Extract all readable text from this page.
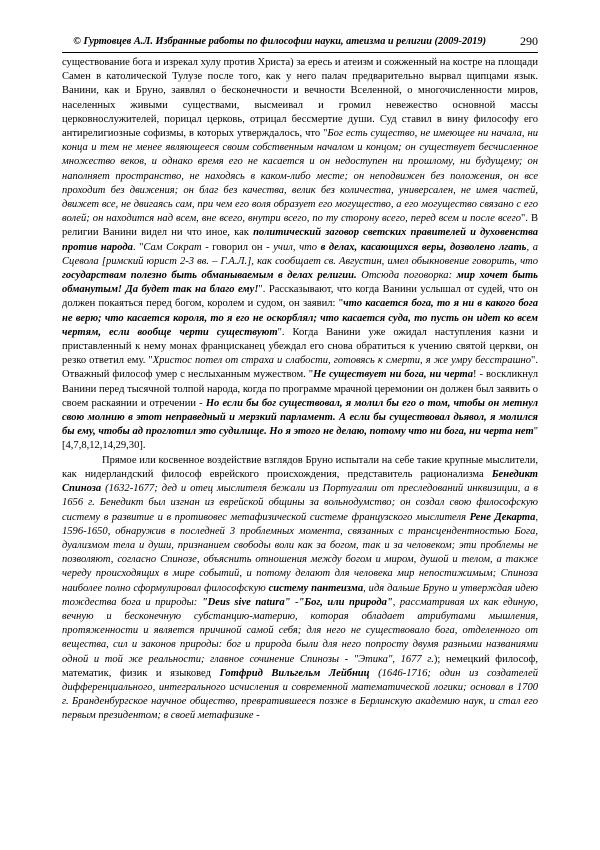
© Гуртовцев А.Л. Избранные работы по философии науки, атеизма и религии (2009-2019)	290

существование бога и изрекал хулу против Христа) за ересь и атеизм и сожженный на костре на площади Самен в католической Тулузе после того, как у него палач предварительно вырвал щипцами язык. Ванини, как и Бруно, заявлял о бесконечности и вечности Вселенной, о многочисленности миров, населенных живыми существами, высмеивал и громил невежество основной массы церковнослужителей, порицал церковь, отрицал бессмертие души. Суд ставил в вину философу его антирелигиозные софизмы, в которых утверждалось, что "Бог есть существо, не имеющее ни начала, ни конца и тем не менее являющееся своим собственным началом и концом; он существует бесчисленное множество веков, и однако время его не касается и он недоступен ни прошлому, ни будущему; он наполняет пространство, не находясь в каком-либо месте; он неподвижен без положения, он все проходит без движения; он благ без качества, велик без количества, универсален, не имея частей, движет все, не двигаясь сам, при чем его воля образует его могущество, а его могущество связано с его волей; он находится над всем, вне всего, внутри всего, по ту сторону всего, перед всем и после всего". В религии Ванини видел ни что иное, как политический заговор светских правителей и духовенства против народа. "Сам Сократ - говорил он - учил, что в делах, касающихся веры, дозволено лгать, а Сцевола [римский юрист 2-3 вв. – Г.А.Л.], как сообщает св. Августин, имел обыкновение говорить, что государствам полезно быть обманываемым в делах религии. Отсюда поговорка: мир хочет быть обманутым! Да будет так на благо ему!". Рассказывают, что когда Ванини услышал от судей, что он должен покаяться перед богом, королем и судом, он заявил: "что касается бога, то я ни в какого бога не верю; что касается короля, то я его не оскорблял; что касается суда, то пусть он идет ко всем чертям, если вообще черти существуют". Когда Ванини уже ожидал наступления казни и приставленный к нему монах францисканец убеждал его снова обратиться к учению святой церкви, он резко ответил ему. "Христос потел от страха и слабости, готовясь к смерти, я же умру бесстрашно". Отважный философ умер с неслыханным мужеством. "Не существует ни бога, ни черта! - воскликнул Ванини перед тысячной толпой народа, когда по программе мрачной церемонии он должен был заявить о своем раскаянии и отречении - Но если бы бог существовал, я молил бы его о том, чтобы он метнул свою молнию в этот неправедный и мерзкий парламент. А если бы существовал дьявол, я молился бы ему, чтобы ад проглотил это судилище. Но я этого не делаю, потому что ни бога, ни черта нет" [4,7,8,12,14,29,30].

Прямое или косвенное воздействие взглядов Бруно испытали на себе такие крупные мыслители, как нидерландский философ еврейского происхождения, представитель рационализма Бенедикт Спиноза (1632-1677; дед и отец мыслителя бежали из Португалии от преследований инквизиции, а в 1656 г. Бенедикт был изгнан из еврейской общины за вольнодумство; он создал свою философскую систему в развитие и в противовес метафизической системе французского мыслителя Рене Декарта, 1596-1650, обнаружив в последней 3 проблемных момента, связанных с трансцендентностью Бога, дуализмом тела и души, признанием свободы воли как за богом, так и за человеком; эти проблемы не позволяют, согласно Спинозе, объяснить отношения между богом и миром, душой и телом, а также череду происходящих в мире событий, и потому делают для человека мир непостижимым; Спиноза наиболее полно сформулировал философскую систему пантеизма, идя дальше Бруно и утверждая идею тождества бога и природы: "Deus sive natura" -"Бог, или природа", рассматривая их как единую, вечную и бесконечную субстанцию-материю, которая обладает атрибутами мышления, протяженности и является причиной самой себя; для него не существовало бога, отделенного от вещества, сил и законов природы: бог и природа были для него попросту двумя разными названиями одной и той же реальности; главное сочинение Спинозы - "Этика", 1677 г.); немецкий философ, математик, физик и языковед Готфрид Вильгельм Лейбниц (1646-1716; один из создателей дифференциального, интегрального исчисления и современной математической логики; основал в 1700 г. Бранденбургское научное общество, превратившееся позже в Берлинскую академию наук, и стал его первым президентом; в своей метафизике -
